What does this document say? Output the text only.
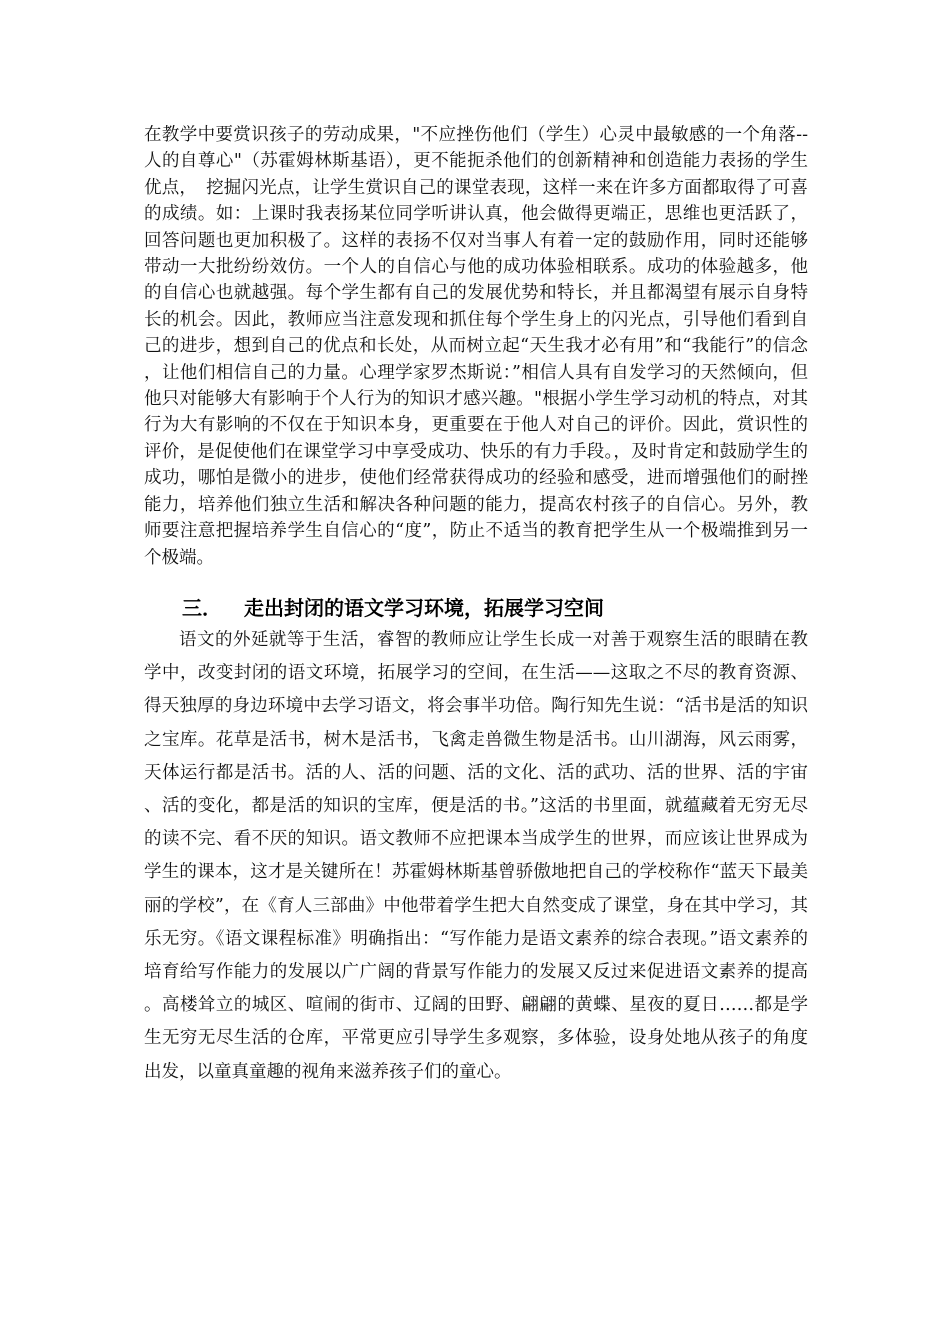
在教学中要赏识孩子的劳动成果，"不应挫伤他们（学生）心灵中最敏感的一个角落--人的自尊心"（苏霍姆林斯基语），更不能扼杀他们的创新精神和创造能力表扬的学生优点，　挖掘闪光点，让学生赏识自己的课堂表现，这样一来在许多方面都取得了可喜的成绩。如：上课时我表扬某位同学听讲认真，他会做得更端正，思维也更活跃了，回答问题也更加积极了。这样的表扬不仅对当事人有着一定的鼓励作用，同时还能够带动一大批纷纷效仿。一个人的自信心与他的成功体验相联系。成功的体验越多，他的自信心也就越强。每个学生都有自己的发展优势和特长，并且都渴望有展示自身特长的机会。因此，教师应当注意发现和抓住每个学生身上的闪光点，引导他们看到自己的进步，想到自己的优点和长处，从而树立起“天生我才必有用”和“我能行”的信念，让他们相信自己的力量。心理学家罗杰斯说：”相信人具有自发学习的天然倾向，但他只对能够大有影响于个人行为的知识才感兴趣。"根据小学生学习动机的特点，对其行为大有影响的不仅在于知识本身，更重要在于他人对自己的评价。因此，赏识性的评价，是促使他们在课堂学习中享受成功、快乐的有力手段。，及时肯定和鼓励学生的成功，哪怕是微小的进步，使他们经常获得成功的经验和感受，进而增强他们的耐挫能力，培养他们独立生活和解决各种问题的能力，提高农村孩子的自信心。另外，教师要注意把握培养学生自信心的“度”，防止不适当的教育把学生从一个极端推到另一个极端。

三． 走出封闭的语文学习环境，拓展学习空间

语文的外延就等于生活，睿智的教师应让学生长成一对善于观察生活的眼睛在教学中，改变封闭的语文环境，拓展学习的空间，在生活——这取之不尽的教育资源、得天独厚的身边环境中去学习语文，将会事半功倍。陶行知先生说：“活书是活的知识之宝库。花草是活书，树木是活书，飞禽走兽微生物是活书。山川湖海，风云雨雾，天体运行都是活书。活的人、活的问题、活的文化、活的武功、活的世界、活的宇宙、活的变化，都是活的知识的宝库，便是活的书。”这活的书里面，就蕴藏着无穷无尽的读不完、看不厌的知识。语文教师不应把课本当成学生的世界，而应该让世界成为学生的课本，这才是关键所在！苏霍姆林斯基曾骄傲地把自己的学校称作“蓝天下最美丽的学校”，在《育人三部曲》中他带着学生把大自然变成了课堂，身在其中学习，其乐无穷。《语文课程标准》明确指出：“写作能力是语文素养的综合表现。”语文素养的培育给写作能力的发展以广广阔的背景写作能力的发展又反过来促进语文素养的提高。高楼耸立的城区、喧闹的街市、辽阔的田野、翩翩的黄蝶、星夜的夏日……都是学生无穷无尽生活的仓库，平常更应引导学生多观察，多体验，设身处地从孩子的角度出发，以童真童趣的视角来滋养孩子们的童心。
